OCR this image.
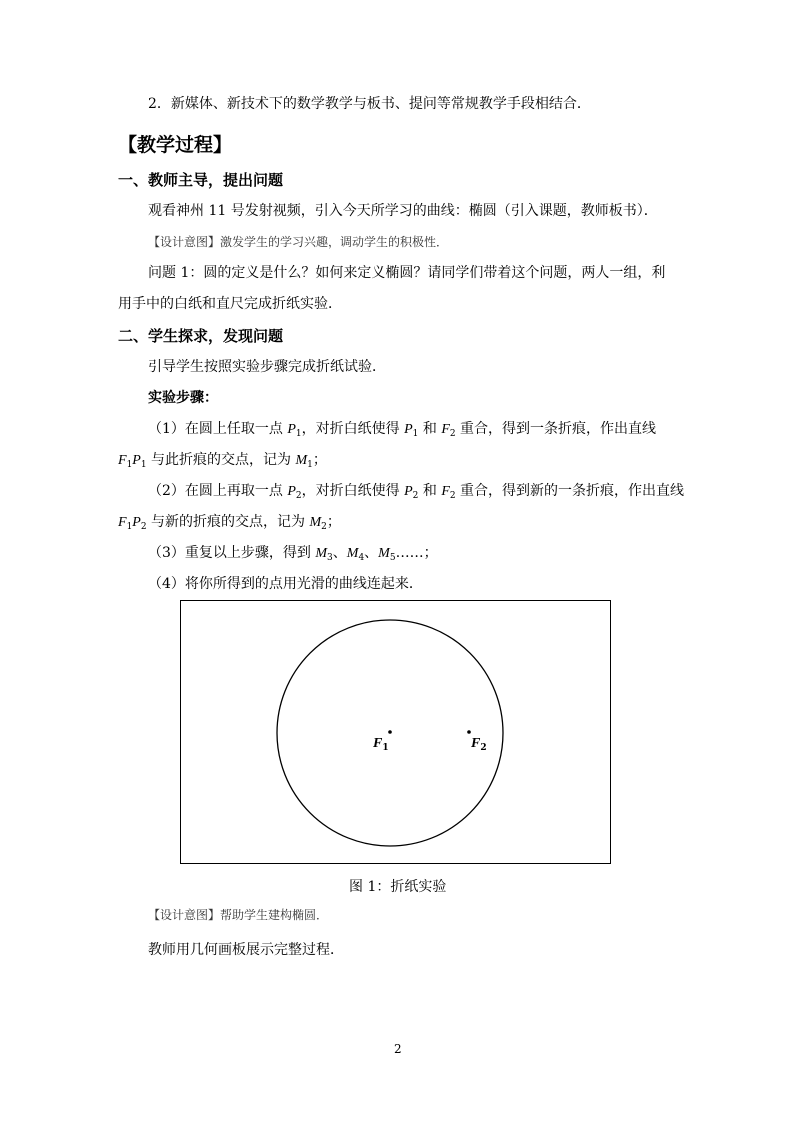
2．新媒体、新技术下的数学教学与板书、提问等常规教学手段相结合．
【教学过程】
一、教师主导，提出问题
观看神州 11 号发射视频，引入今天所学习的曲线：椭圆（引入课题，教师板书）．
【设计意图】激发学生的学习兴趣，调动学生的积极性．
问题 1：圆的定义是什么？如何来定义椭圆？请同学们带着这个问题，两人一组，利
用手中的白纸和直尺完成折纸实验．
二、学生探求，发现问题
引导学生按照实验步骤完成折纸试验．
实验步骤：
（1）在圆上任取一点 $P_1$，对折白纸使得 $P_1$ 和 $F_2$ 重合，得到一条折痕，作出直线
$F_1P_1$ 与此折痕的交点，记为 $M_1$；
（2）在圆上再取一点 $P_2$，对折白纸使得 $P_2$ 和 $F_2$ 重合，得到新的一条折痕，作出直线
$F_1P_2$ 与新的折痕的交点，记为 $M_2$；
（3）重复以上步骤，得到 $M_3$、$M_4$、$M_5\dots\dots$；
（4）将你所得到的点用光滑的曲线连起来．
$F_1$	$F_2$
图 1：折纸实验
【设计意图】帮助学生建构椭圆．
教师用几何画板展示完整过程．
2
